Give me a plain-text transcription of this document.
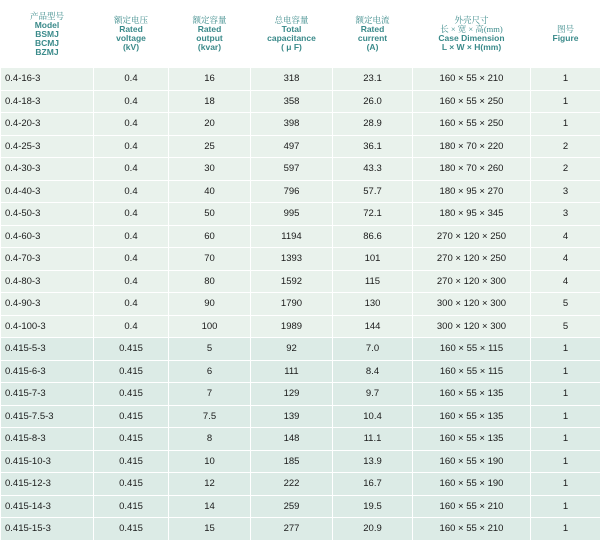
产品型号
Model
BSMJ
BCMJ
BZMJ	额定电压
Rated
voltage
(kV)	额定容量
Rated
output
(kvar)	总电容量
Total
capacitance
( μ F)	额定电流
Rated
current
(A)	外壳尺寸
长 × 宽 × 高(mm)
Case Dimension
L × W × H(mm)	图号
Figure

0.4-16-3	0.4	16	318	23.1	160 × 55 × 210	1
0.4-18-3	0.4	18	358	26.0	160 × 55 × 250	1
0.4-20-3	0.4	20	398	28.9	160 × 55 × 250	1
0.4-25-3	0.4	25	497	36.1	180 × 70 × 220	2
0.4-30-3	0.4	30	597	43.3	180 × 70 × 260	2
0.4-40-3	0.4	40	796	57.7	180 × 95 × 270	3
0.4-50-3	0.4	50	995	72.1	180 × 95 × 345	3
0.4-60-3	0.4	60	1194	86.6	270 × 120 × 250	4
0.4-70-3	0.4	70	1393	101	270 × 120 × 250	4
0.4-80-3	0.4	80	1592	115	270 × 120 × 300	4
0.4-90-3	0.4	90	1790	130	300 × 120 × 300	5
0.4-100-3	0.4	100	1989	144	300 × 120 × 300	5
0.415-5-3	0.415	5	92	7.0	160 × 55 × 115	1
0.415-6-3	0.415	6	111	8.4	160 × 55 × 115	1
0.415-7-3	0.415	7	129	9.7	160 × 55 × 135	1
0.415-7.5-3	0.415	7.5	139	10.4	160 × 55 × 135	1
0.415-8-3	0.415	8	148	11.1	160 × 55 × 135	1
0.415-10-3	0.415	10	185	13.9	160 × 55 × 190	1
0.415-12-3	0.415	12	222	16.7	160 × 55 × 190	1
0.415-14-3	0.415	14	259	19.5	160 × 55 × 210	1
0.415-15-3	0.415	15	277	20.9	160 × 55 × 210	1
